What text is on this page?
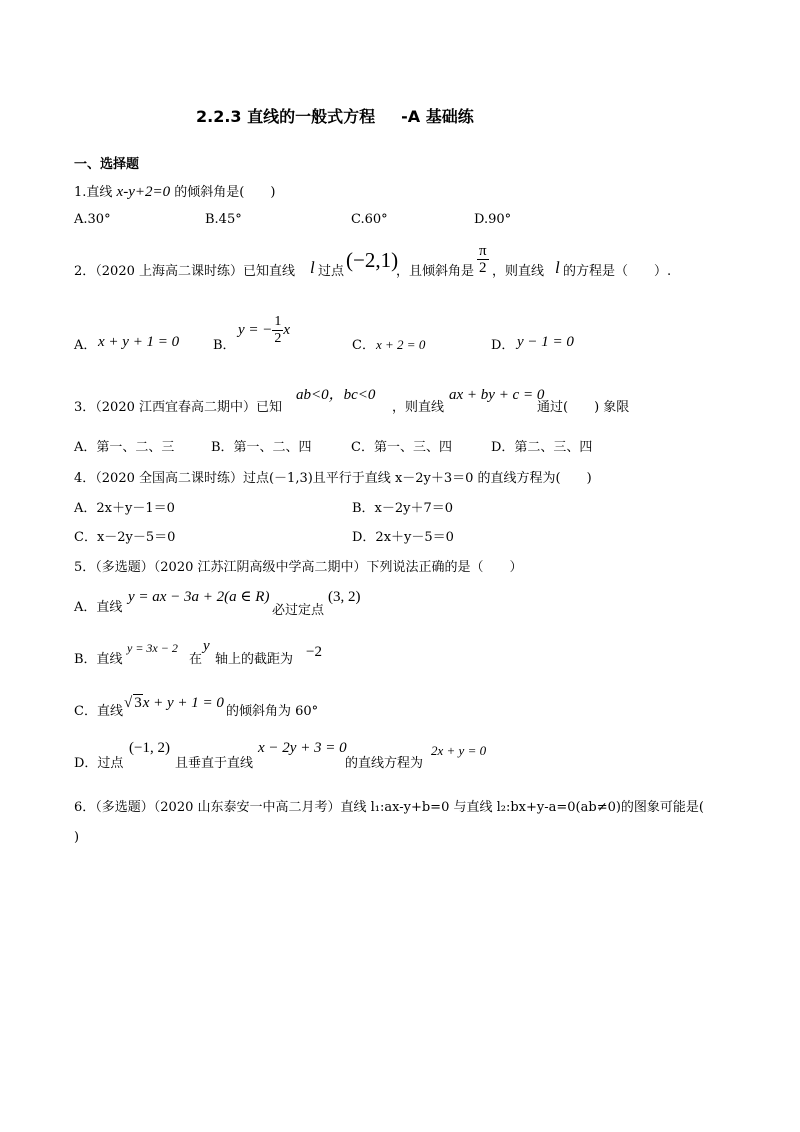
2.2.3 直线的一般式方程 -A 基础练
一、选择题
1.直线 x-y+2=0 的倾斜角是(　　)
A.30°	B.45°	C.60°	D.90°
2．（2020 上海高二课时练）已知直线 l 过点 (−2,1)
，且倾斜角是 $\frac{\pi}{2}$ ，则直线 l 的方程是（　　）.
A． x + y + 1 = 0	B．
y = − $\frac{1}{2}$ x
C． x + 2 = 0	D． y − 1 = 0
3．（2020 江西宜春高二期中）已知
ab<0，bc<0
，则直线
ax + by + c = 0
通过(　　) 象限
A．第一、二、三	B．第一、二、四	C．第一、三、四	D．第二、三、四
4．（2020 全国高二课时练）过点(－1,3)且平行于直线 x－2y＋3＝0 的直线方程为(　　)
A．2x＋y－1＝0	B．x－2y＋7＝0
C．x－2y－5＝0	D．2x＋y－5＝0
5．（多选题）（2020 江苏江阴高级中学高二期中）下列说法正确的是（　　）
A．直线
y = ax − 3a + 2(a ∈ R)
必过定点
(3, 2)
B．直线
y = 3x − 2
在
y
轴上的截距为 −2
C．直线
√ 3x + y + 1 = 0
的倾斜角为 60°
D．过点
(−1, 2)
且垂直于直线
x − 2y + 3 = 0
的直线方程为
2x + y = 0
6．（多选题）（2020 山东泰安一中高二月考）直线 l₁:ax-y+b=0 与直线 l₂:bx+y-a=0(ab≠0)的图象可能是(
)
